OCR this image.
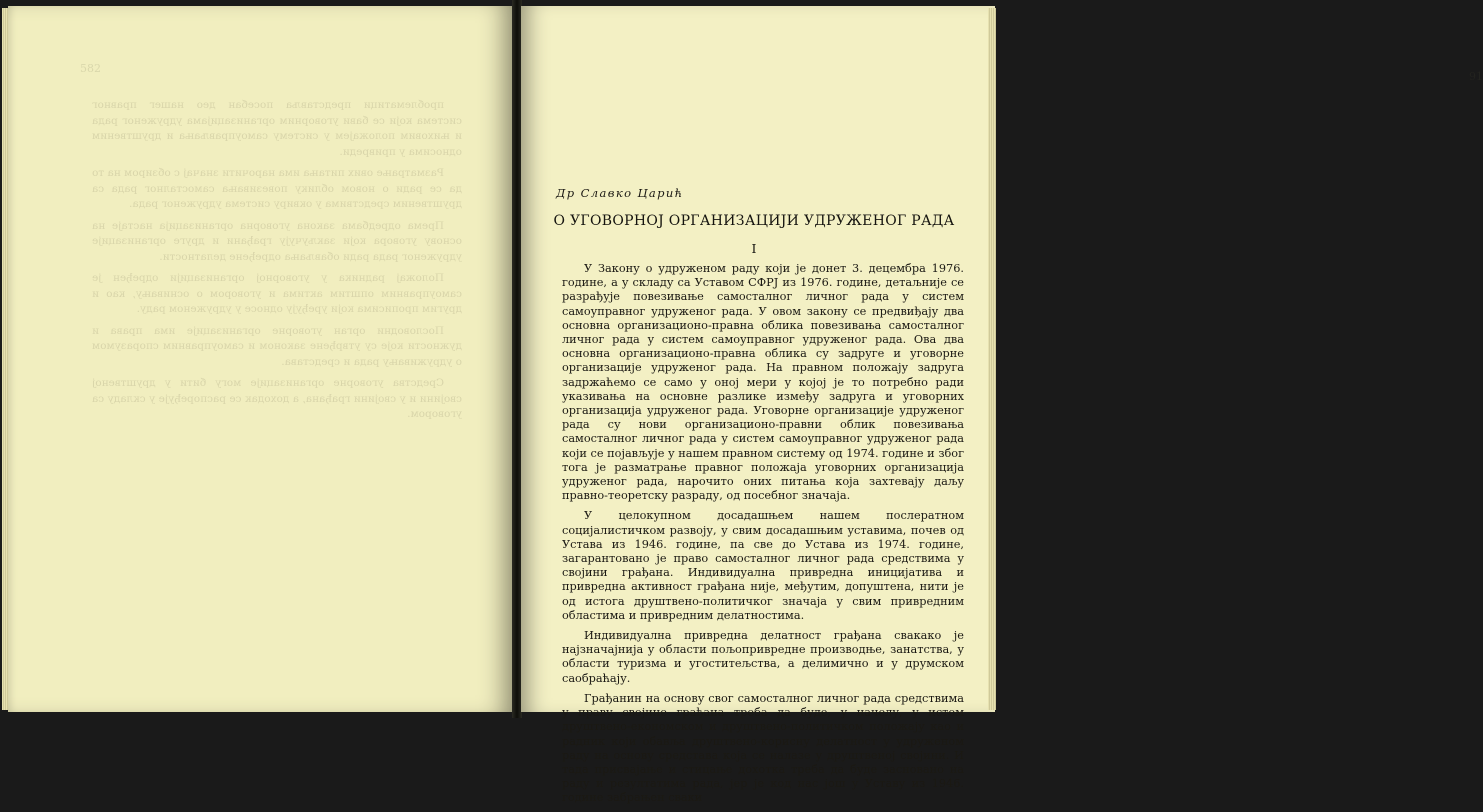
582

проблематици представља посебан део нашег правног система који се бави уговорним организацијама удруженог рада и њиховим положајем у систему самоуправљања и друштвеним односима у привреди.

Разматрање ових питања има нарочити значај с обзиром на то да се ради о новом облику повезивања самосталног рада са друштвеним средствима у оквиру система удруженог рада.

Према одредбама закона уговорна организација настаје на основу уговора који закључују грађани и друге организације удруженог рада ради обављања одређене делатности.

Положај радника у уговорној организацији одређен је самоуправним општим актима и уговором о оснивању, као и другим прописима који уређују односе у удруженом раду.

Пословодни орган уговорне организације има права и дужности које су утврђене законом и самоуправним споразумом о удруживању рада и средстава.

Средства уговорне организације могу бити у друштвеној својини и у својини грађана, а доходак се распоређује у складу са уговором.

91

Др Славко Царић

О УГОВОРНОЈ ОРГАНИЗАЦИЈИ УДРУЖЕНОГ РАДА

I

У Закону о удруженом раду који је донет 3. децембра 1976. године, а у складу са Уставом СФРЈ из 1976. године, детаљније се разрађује повезивање самосталног личног рада у систем самоуправног удруженог рада. У овом закону се предвиђају два основна организационо-правна облика повезивања самосталног личног рада у систем самоуправног удруженог рада. Ова два основна организационо-правна облика су задруге и уговорне организације удруженог рада. На правном положају задруга задржаћемо се само у оној мери у којој је то потребно ради указивања на основне разлике између задруга и уговорних организација удруженог рада. Уговорне организације удруженог рада су нови организационо-правни облик повезивања самосталног личног рада у систем самоуправног удруженог рада који се појављује у нашем правном систему од 1974. године и због тога је разматрање правног положаја уговорних организација удруженог рада, нарочито оних питања која захтевају даљу правно-теоретску разраду, од посебног значаја.

У целокупном досадашњем нашем послератном социјалистичком развоју, у свим досадашњим уставима, почев од Устава из 1946. године, па све до Устава из 1974. године, загарантовано је право самосталног личног рада средствима у својини грађана. Индивидуална привредна иницијатива и привредна активност грађана није, међутим, допуштена, нити је од истога друштвено-политичког значаја у свим привредним областима и привредним делатностима.

Индивидуална привредна делатност грађана свакако је најзначајнија у области пољопривредне производње, занатства, у области туризма и угоститељства, а делимично и у друмском саобраћају.

Грађанин на основу свог самосталног личног рада средствима у праву својине грађана треба да буде, у начелу, у истом друштвено-економском и друштвено-политичком положају као и радник који обавља друштвено-корисну делатност у удруженом раду на основу средстава која се налазе у друштвеној својини. И тада присвајање и стицање дохотка треба да буде засновано на раду и резултатима рада, јер је код нас још у Уставу из 1946. године забрањен сваки
